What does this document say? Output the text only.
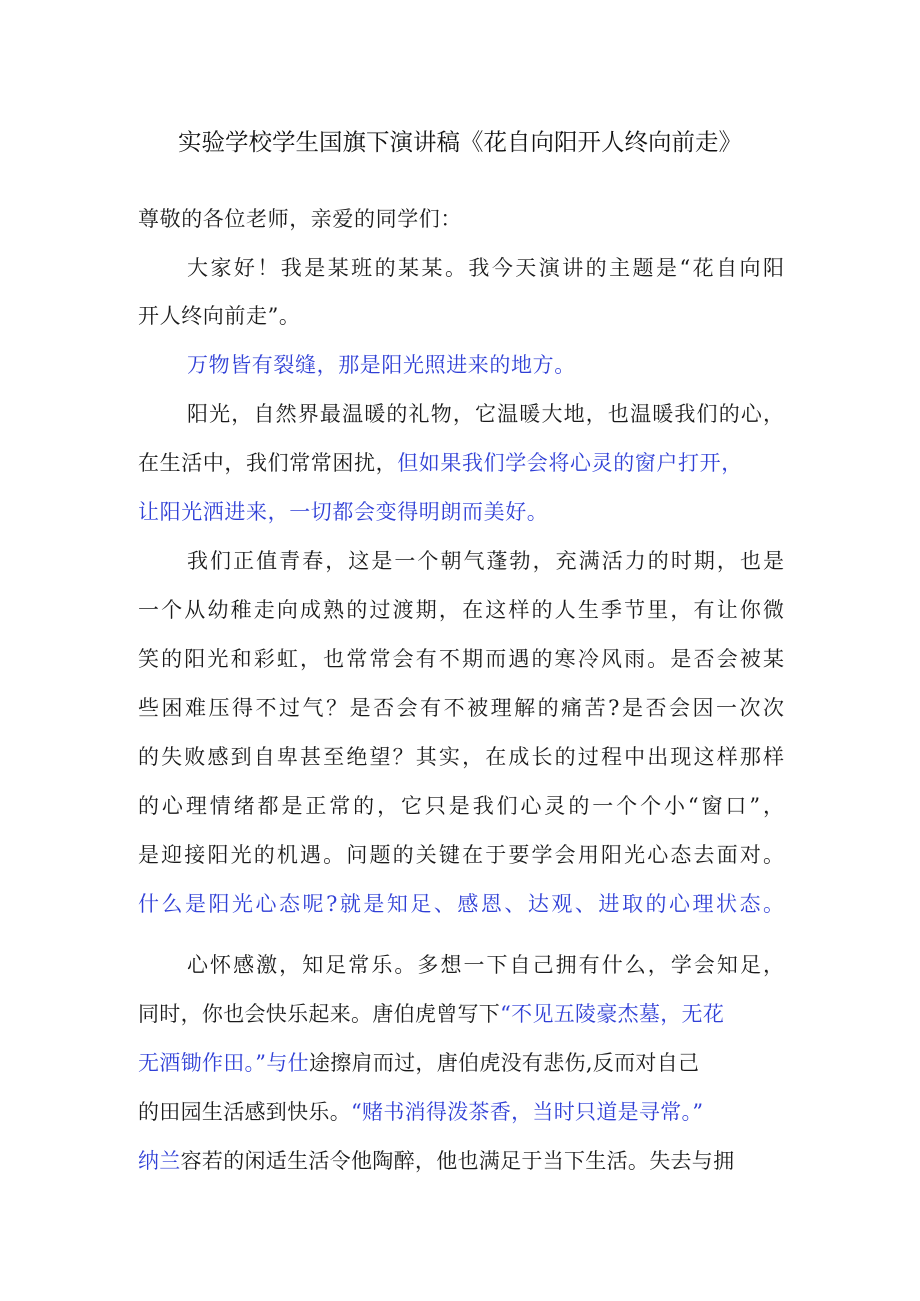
实验学校学生国旗下演讲稿《花自向阳开人终向前走》
尊敬的各位老师，亲爱的同学们：
大家好！我是某班的某某。我今天演讲的主题是“花自向阳
开人终向前走”。
万物皆有裂缝，那是阳光照进来的地方。
阳光，自然界最温暖的礼物，它温暖大地，也温暖我们的心，
在生活中，我们常常困扰，但如果我们学会将心灵的窗户打开，
让阳光洒进来，一切都会变得明朗而美好。
我们正值青春，这是一个朝气蓬勃，充满活力的时期，也是
一个从幼稚走向成熟的过渡期，在这样的人生季节里，有让你微
笑的阳光和彩虹，也常常会有不期而遇的寒冷风雨。是否会被某
些困难压得不过气？是否会有不被理解的痛苦?是否会因一次次
的失败感到自卑甚至绝望？其实，在成长的过程中出现这样那样
的心理情绪都是正常的，它只是我们心灵的一个个小“窗口”，
是迎接阳光的机遇。问题的关键在于要学会用阳光心态去面对。
什么是阳光心态呢?就是知足、感恩、达观、进取的心理状态。
心怀感激，知足常乐。多想一下自己拥有什么，学会知足，
同时，你也会快乐起来。唐伯虎曾写下“不见五陵豪杰墓，无花
无酒锄作田。”与仕途擦肩而过，唐伯虎没有悲伤,反而对自己
的田园生活感到快乐。“赌书消得泼茶香，当时只道是寻常。”
纳兰容若的闲适生活令他陶醉，他也满足于当下生活。失去与拥
